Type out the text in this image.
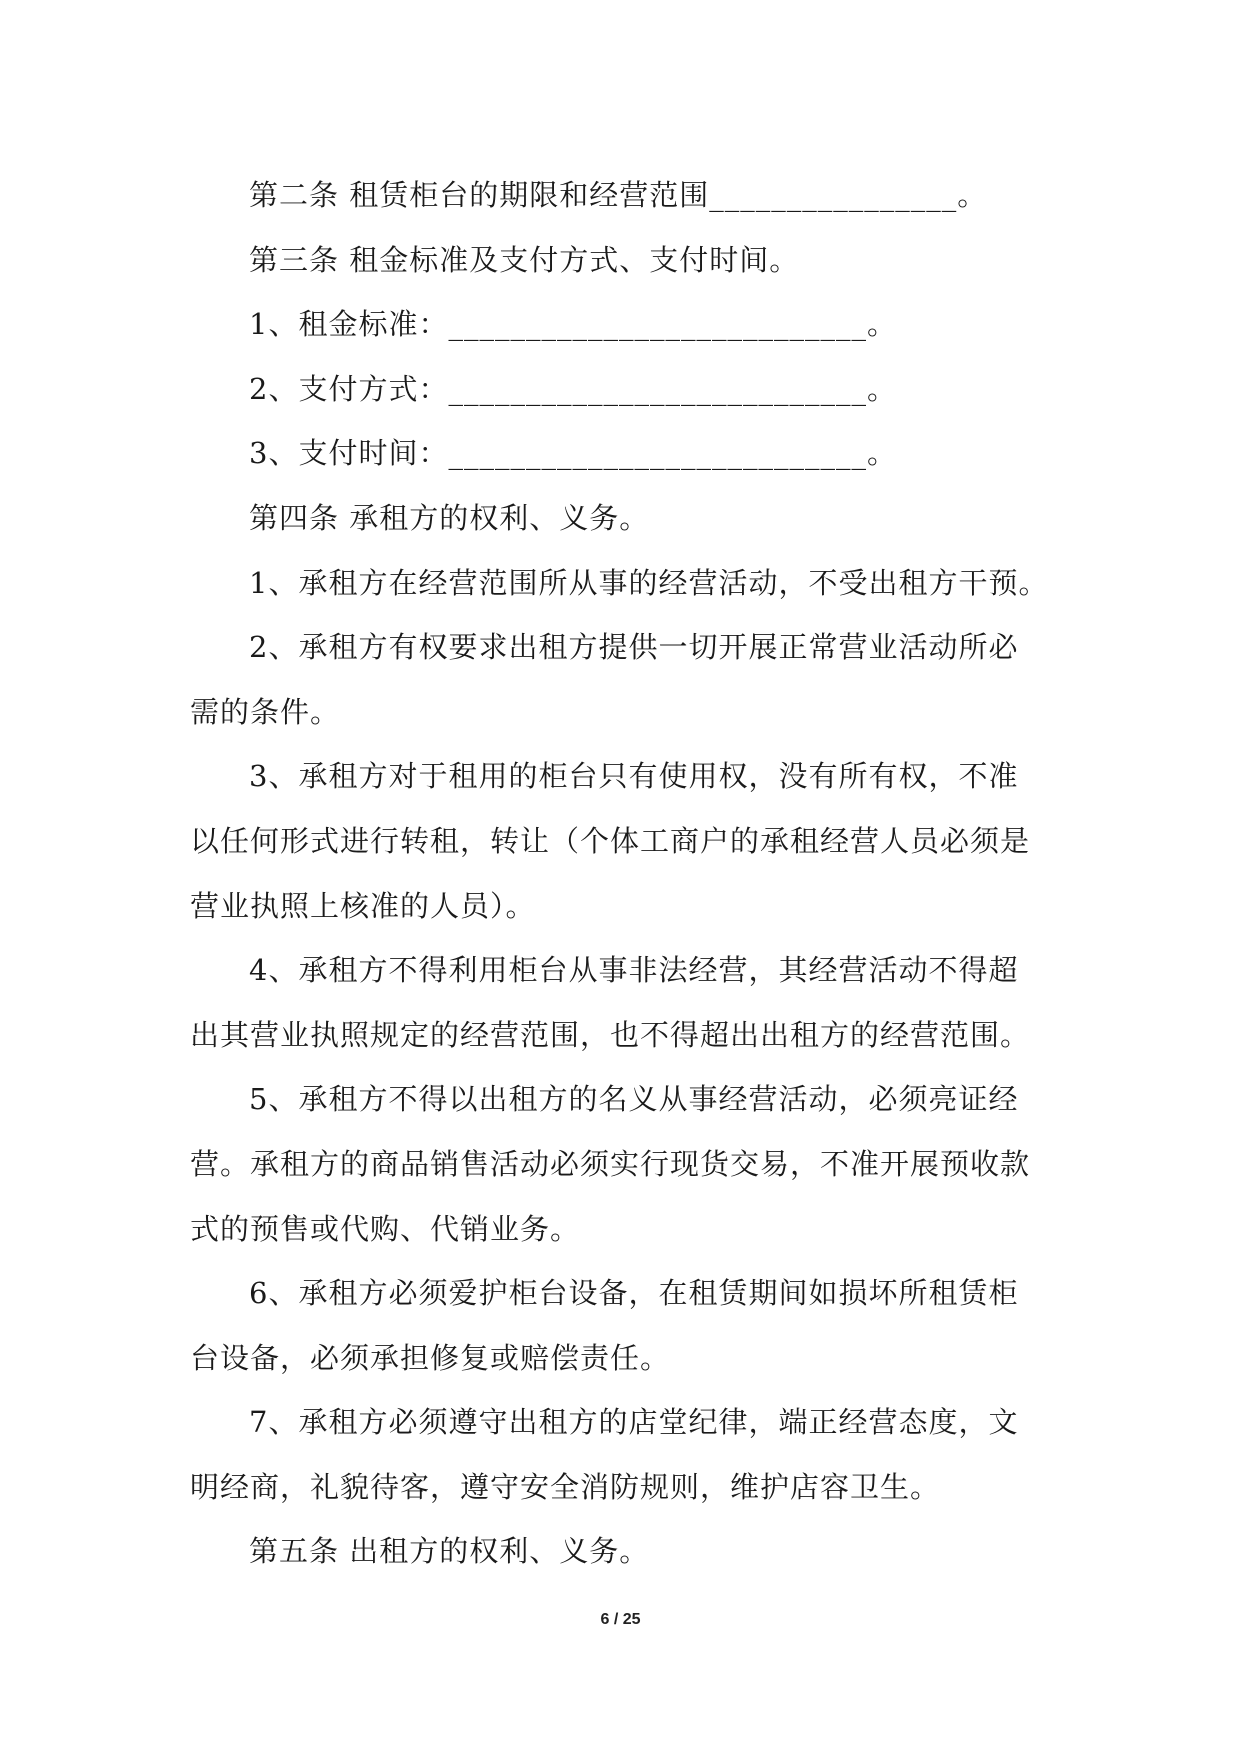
第二条 租赁柜台的期限和经营范围________________。
第三条 租金标准及支付方式、支付时间。
1、租金标准：___________________________。
2、支付方式：___________________________。
3、支付时间：___________________________。
第四条 承租方的权利、义务。
1、承租方在经营范围所从事的经营活动，不受出租方干预。
2、承租方有权要求出租方提供一切开展正常营业活动所必
需的条件。
3、承租方对于租用的柜台只有使用权，没有所有权，不准
以任何形式进行转租，转让（个体工商户的承租经营人员必须是
营业执照上核准的人员）。
4、承租方不得利用柜台从事非法经营，其经营活动不得超
出其营业执照规定的经营范围，也不得超出出租方的经营范围。
5、承租方不得以出租方的名义从事经营活动，必须亮证经
营。承租方的商品销售活动必须实行现货交易，不准开展预收款
式的预售或代购、代销业务。
6、承租方必须爱护柜台设备，在租赁期间如损坏所租赁柜
台设备，必须承担修复或赔偿责任。
7、承租方必须遵守出租方的店堂纪律，端正经营态度，文
明经商，礼貌待客，遵守安全消防规则，维护店容卫生。
第五条 出租方的权利、义务。
6 / 25
